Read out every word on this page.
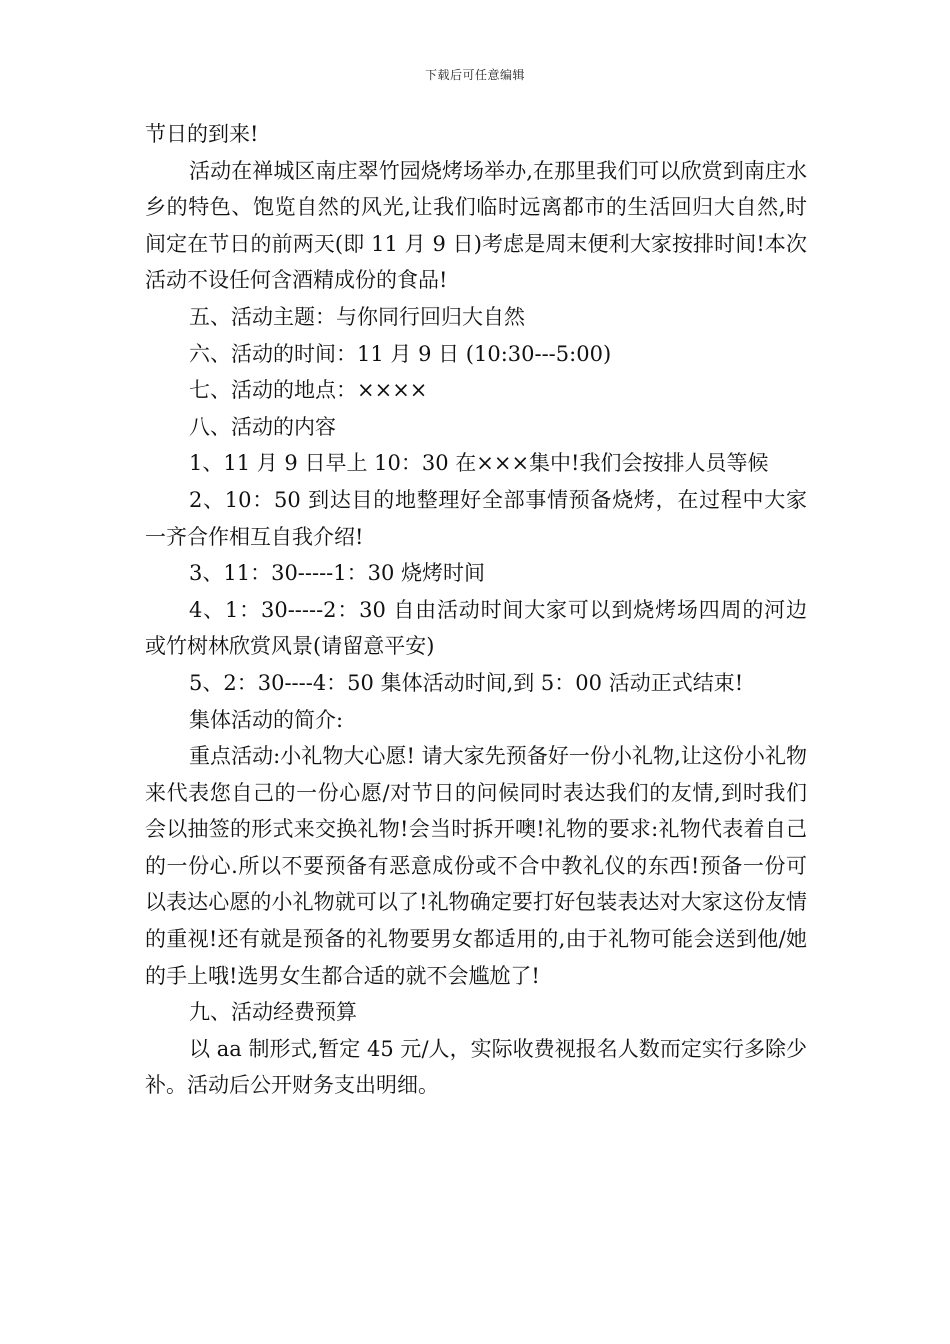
下载后可任意编辑

节日的到来!

活动在禅城区南庄翠竹园烧烤场举办,在那里我们可以欣赏到南庄水乡的特色、饱览自然的风光,让我们临时远离都市的生活回归大自然,时间定在节日的前两天(即 11 月 9 日)考虑是周末便利大家按排时间!本次活动不设任何含酒精成份的食品!

五、活动主题：与你同行回归大自然

六、活动的时间：11 月 9 日 (10:30---5:00)

七、活动的地点：××××

八、活动的内容

1、11 月 9 日早上 10：30 在×××集中!我们会按排人员等候

2、10：50 到达目的地整理好全部事情预备烧烤，在过程中大家一齐合作相互自我介绍!

3、11：30-----1：30 烧烤时间

4、1：30-----2：30 自由活动时间大家可以到烧烤场四周的河边或竹树林欣赏风景(请留意平安)

5、2：30----4：50 集体活动时间,到 5：00 活动正式结束!

集体活动的简介:

重点活动:小礼物大心愿! 请大家先预备好一份小礼物,让这份小礼物来代表您自己的一份心愿/对节日的问候同时表达我们的友情,到时我们会以抽签的形式来交换礼物!会当时拆开噢!礼物的要求:礼物代表着自己的一份心.所以不要预备有恶意成份或不合中教礼仪的东西!预备一份可以表达心愿的小礼物就可以了!礼物确定要打好包装表达对大家这份友情的重视!还有就是预备的礼物要男女都适用的,由于礼物可能会送到他/她的手上哦!选男女生都合适的就不会尴尬了!

九、活动经费预算

以 aa 制形式,暂定 45 元/人，实际收费视报名人数而定实行多除少补。活动后公开财务支出明细。
